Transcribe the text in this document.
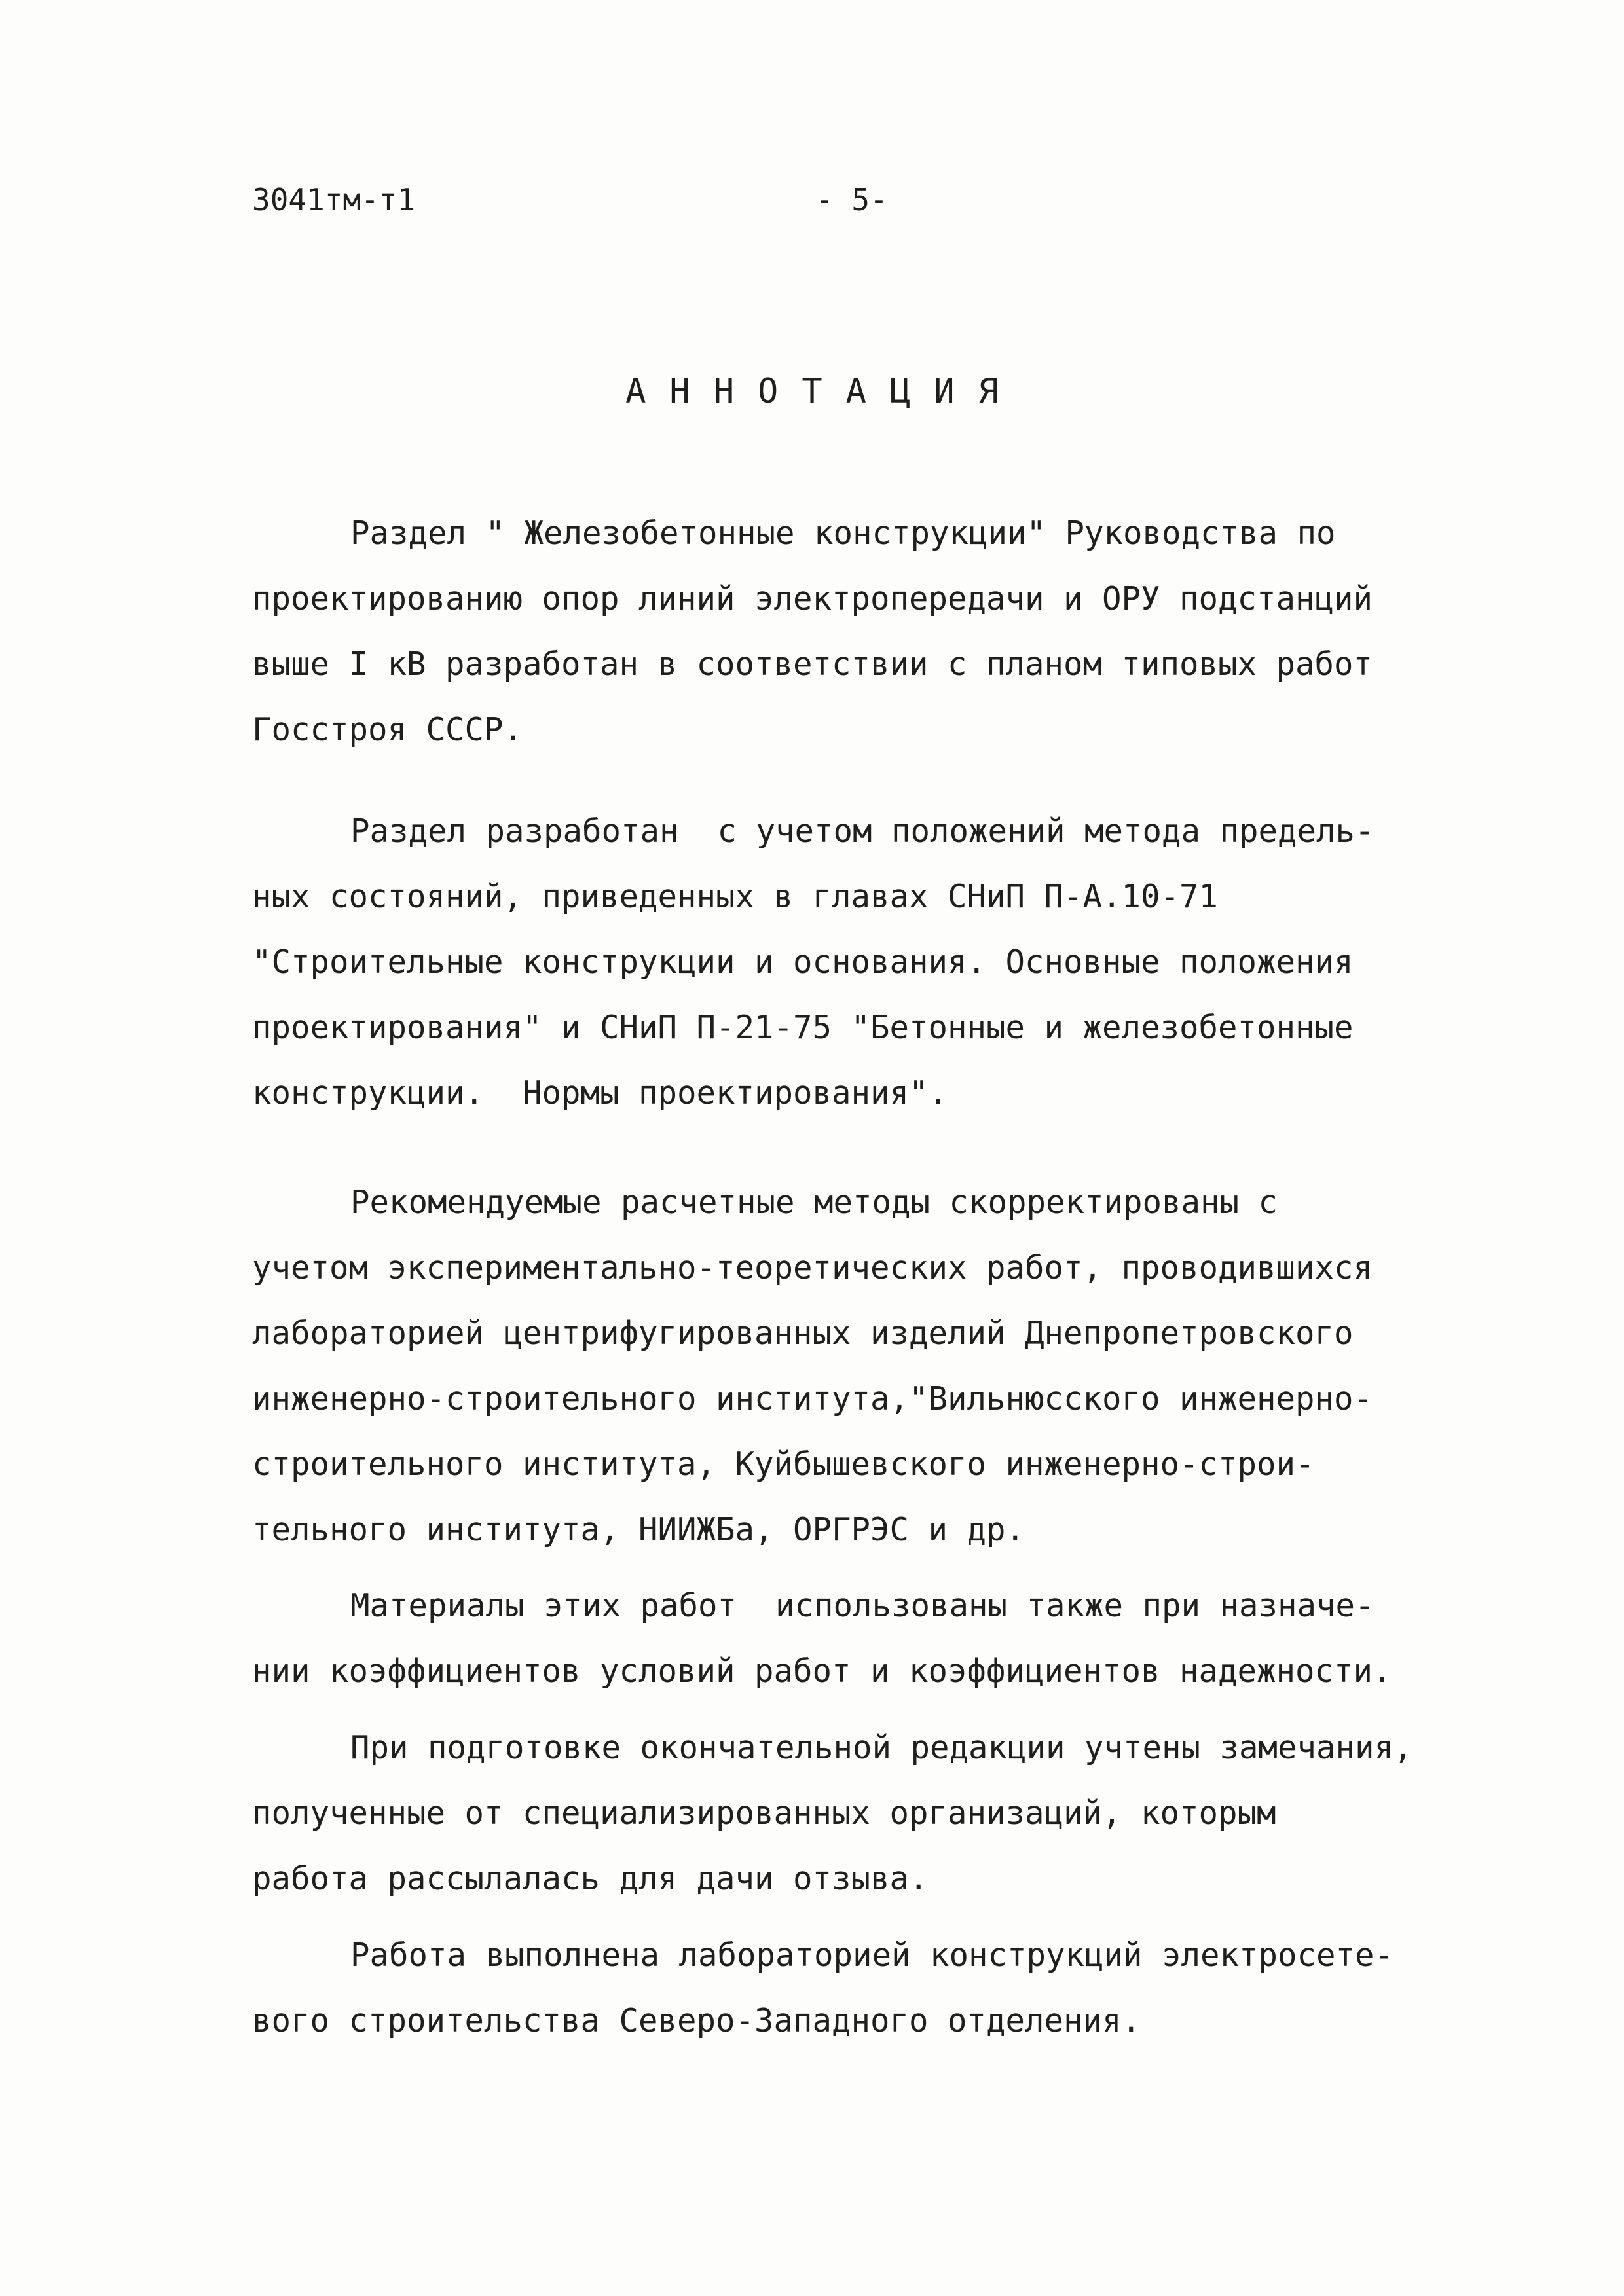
3041тм-т1	- 5-
АННОТАЦИЯ
Раздел " Железобетонные конструкции" Руководства по
проектированию опор линий электропередачи и ОРУ подстанций
выше I кВ разработан в соответствии с планом типовых работ
Госстроя СССР.
Раздел разработан  с учетом положений метода предель-
ных состояний, приведенных в главах СНиП П-А.10-71
"Строительные конструкции и основания. Основные положения
проектирования" и СНиП П-21-75 "Бетонные и железобетонные
конструкции.  Нормы проектирования".
Рекомендуемые расчетные методы скорректированы с
учетом экспериментально-теоретических работ, проводившихся
лабораторией центрифугированных изделий Днепропетровского
инженерно-строительного института,"Вильнюсского инженерно-
строительного института, Куйбышевского инженерно-строи-
тельного института, НИИЖБа, ОРГРЭС и др.
Материалы этих работ  использованы также при назначе-
нии коэффициентов условий работ и коэффициентов надежности.
При подготовке окончательной редакции учтены замечания,
полученные от специализированных организаций, которым
работа рассылалась для дачи отзыва.
Работа выполнена лабораторией конструкций электросете-
вого строительства Северо-Западного отделения.
